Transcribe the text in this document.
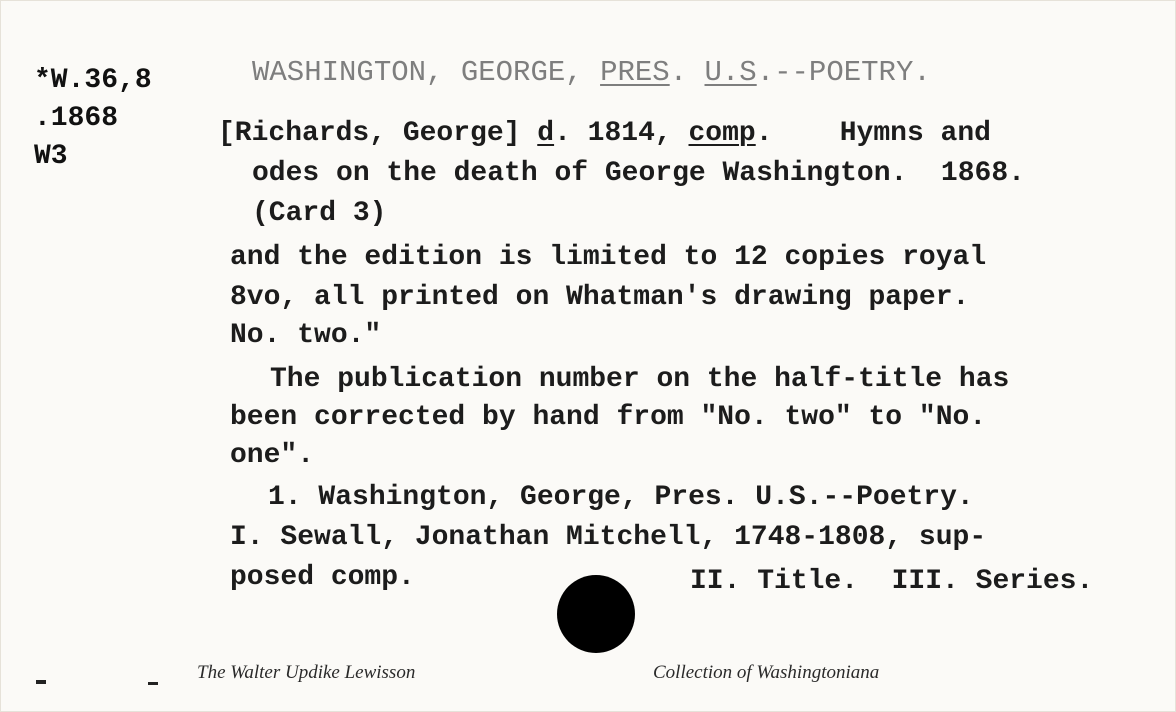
*W.36,8
.1868
W3
WASHINGTON, GEORGE, PRES. U.S.--POETRY.
[Richards, George] d. 1814, comp.    Hymns and
odes on the death of George Washington.  1868.
(Card 3)
and the edition is limited to 12 copies royal
8vo, all printed on Whatman's drawing paper.
No. two."
The publication number on the half-title has
been corrected by hand from "No. two" to "No.
one".
1. Washington, George, Pres. U.S.--Poetry.
I. Sewall, Jonathan Mitchell, 1748-1808, sup-
posed comp.	II. Title.  III. Series.
The Walter Updike Lewisson	Collection of Washingtoniana
